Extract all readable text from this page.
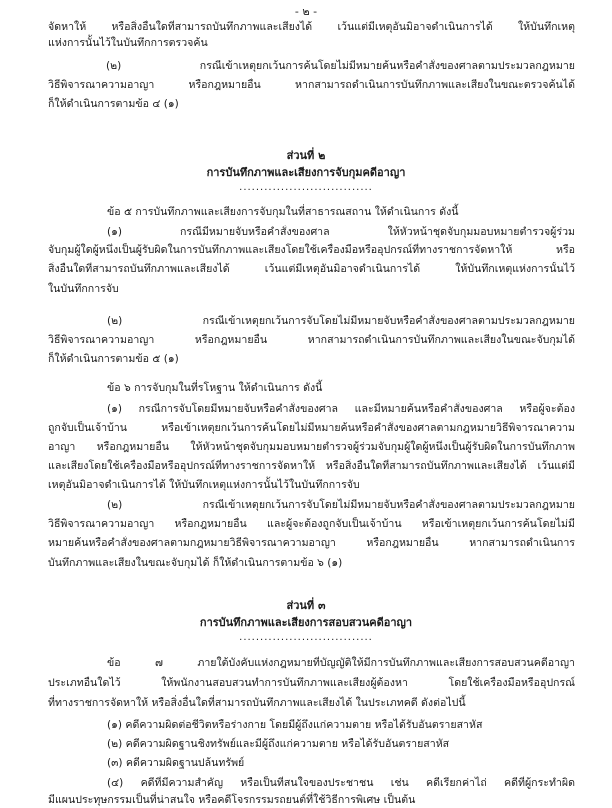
- ๒ -
จัดหาให้ หรือสิ่งอื่นใดที่สามารถบันทึกภาพและเสียงได้ เว้นแต่มีเหตุอันมิอาจดำเนินการได้ ให้บันทึกเหตุ
แห่งการนั้นไว้ในบันทึกการตรวจค้น
(๒) กรณีเข้าเหตุยกเว้นการค้นโดยไม่มีหมายค้นหรือคำสั่งของศาลตามประมวลกฎหมาย
วิธีพิจารณาความอาญา หรือกฎหมายอื่น หากสามารถดำเนินการบันทึกภาพและเสียงในขณะตรวจค้นได้
ก็ให้ดำเนินการตามข้อ ๔ (๑)
ส่วนที่ ๒
การบันทึกภาพและเสียงการจับกุมคดีอาญา
................................
ข้อ ๕ การบันทึกภาพและเสียงการจับกุมในที่สาธารณสถาน ให้ดำเนินการ ดังนี้
(๑) กรณีมีหมายจับหรือคำสั่งของศาล ให้หัวหน้าชุดจับกุมมอบหมายตำรวจผู้ร่วม
จับกุมผู้ใดผู้หนึ่งเป็นผู้รับผิดในการบันทึกภาพและเสียงโดยใช้เครื่องมือหรืออุปกรณ์ที่ทางราชการจัดหาให้ หรือ
สิ่งอื่นใดที่สามารถบันทึกภาพและเสียงได้ เว้นแต่มีเหตุอันมิอาจดำเนินการได้ ให้บันทึกเหตุแห่งการนั้นไว้
ในบันทึกการจับ
(๒) กรณีเข้าเหตุยกเว้นการจับโดยไม่มีหมายจับหรือคำสั่งของศาลตามประมวลกฎหมาย
วิธีพิจารณาความอาญา หรือกฎหมายอื่น หากสามารถดำเนินการบันทึกภาพและเสียงในขณะจับกุมได้
ก็ให้ดำเนินการตามข้อ ๕ (๑)
ข้อ ๖ การจับกุมในที่รโหฐาน ให้ดำเนินการ ดังนี้
(๑) กรณีการจับโดยมีหมายจับหรือคำสั่งของศาล และมีหมายค้นหรือคำสั่งของศาล หรือผู้จะต้อง
ถูกจับเป็นเจ้าบ้าน หรือเข้าเหตุยกเว้นการค้นโดยไม่มีหมายค้นหรือคำสั่งของศาลตามกฎหมายวิธีพิจารณาความ
อาญา หรือกฎหมายอื่น ให้หัวหน้าชุดจับกุมมอบหมายตำรวจผู้ร่วมจับกุมผู้ใดผู้หนึ่งเป็นผู้รับผิดในการบันทึกภาพ
และเสียงโดยใช้เครื่องมือหรืออุปกรณ์ที่ทางราชการจัดหาให้ หรือสิ่งอื่นใดที่สามารถบันทึกภาพและเสียงได้ เว้นแต่มี
เหตุอันมิอาจดำเนินการได้ ให้บันทึกเหตุแห่งการนั้นไว้ในบันทึกการจับ
(๒) กรณีเข้าเหตุยกเว้นการจับโดยไม่มีหมายจับหรือคำสั่งของศาลตามประมวลกฎหมาย
วิธีพิจารณาความอาญา หรือกฎหมายอื่น และผู้จะต้องถูกจับเป็นเจ้าบ้าน หรือเข้าเหตุยกเว้นการค้นโดยไม่มี
หมายค้นหรือคำสั่งของศาลตามกฎหมายวิธีพิจารณาความอาญา หรือกฎหมายอื่น หากสามารถดำเนินการ
บันทึกภาพและเสียงในขณะจับกุมได้ ก็ให้ดำเนินการตามข้อ ๖ (๑)
ส่วนที่ ๓
การบันทึกภาพและเสียงการสอบสวนคดีอาญา
................................
ข้อ ๗ ภายใต้บังคับแห่งกฎหมายที่บัญญัติให้มีการบันทึกภาพและเสียงการสอบสวนคดีอาญา
ประเภทอื่นใดไว้ ให้พนักงานสอบสวนทำการบันทึกภาพและเสียงผู้ต้องหา โดยใช้เครื่องมือหรืออุปกรณ์
ที่ทางราชการจัดหาให้ หรือสิ่งอื่นใดที่สามารถบันทึกภาพและเสียงได้ ในประเภทคดี ดังต่อไปนี้
(๑) คดีความผิดต่อชีวิตหรือร่างกาย โดยมีผู้ถึงแก่ความตาย หรือได้รับอันตรายสาหัส
(๒) คดีความผิดฐานชิงทรัพย์และมีผู้ถึงแก่ความตาย หรือได้รับอันตรายสาหัส
(๓) คดีความผิดฐานปล้นทรัพย์
(๔) คดีที่มีความสำคัญ หรือเป็นที่สนใจของประชาชน เช่น คดีเรียกค่าไถ่ คดีที่ผู้กระทำผิด
มีแผนประทุษกรรมเป็นที่น่าสนใจ หรือคดีโจรกรรมรถยนต์ที่ใช้วิธีการพิเศษ เป็นต้น
